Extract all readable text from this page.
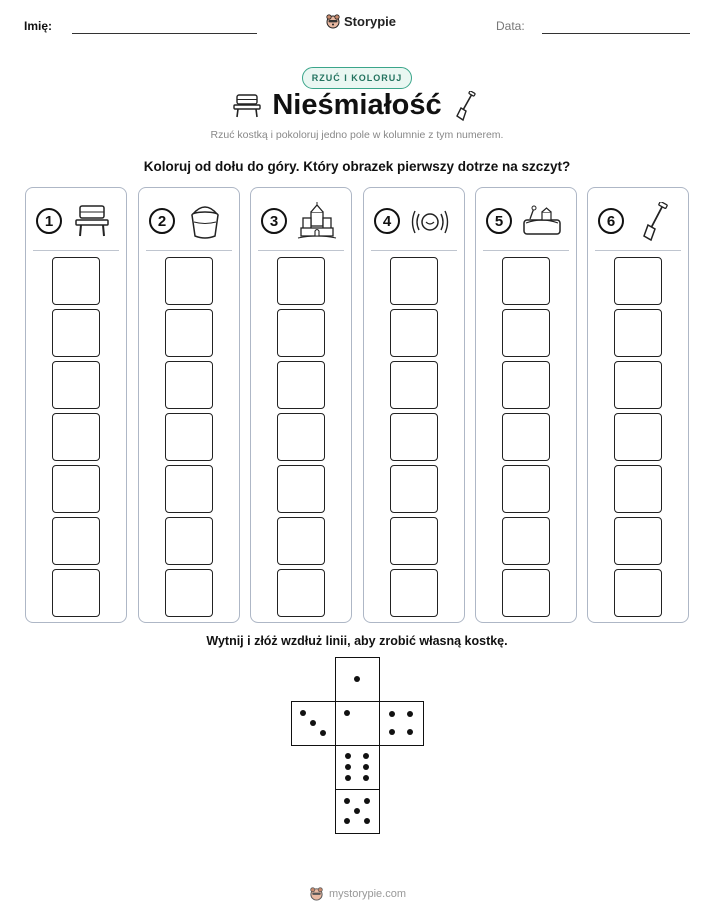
Imię:	Storypie	Data:
RZUĆ I KOLORUJ
Nieśmiałość
Rzuć kostką i pokoloruj jedno pole w kolumnie z tym numerem.
Koloruj od dołu do góry. Który obrazek pierwszy dotrze na szczyt?
1	2	3	4	5	6
Wytnij i złóż wzdłuż linii, aby zrobić własną kostkę.
mystorypie.com
